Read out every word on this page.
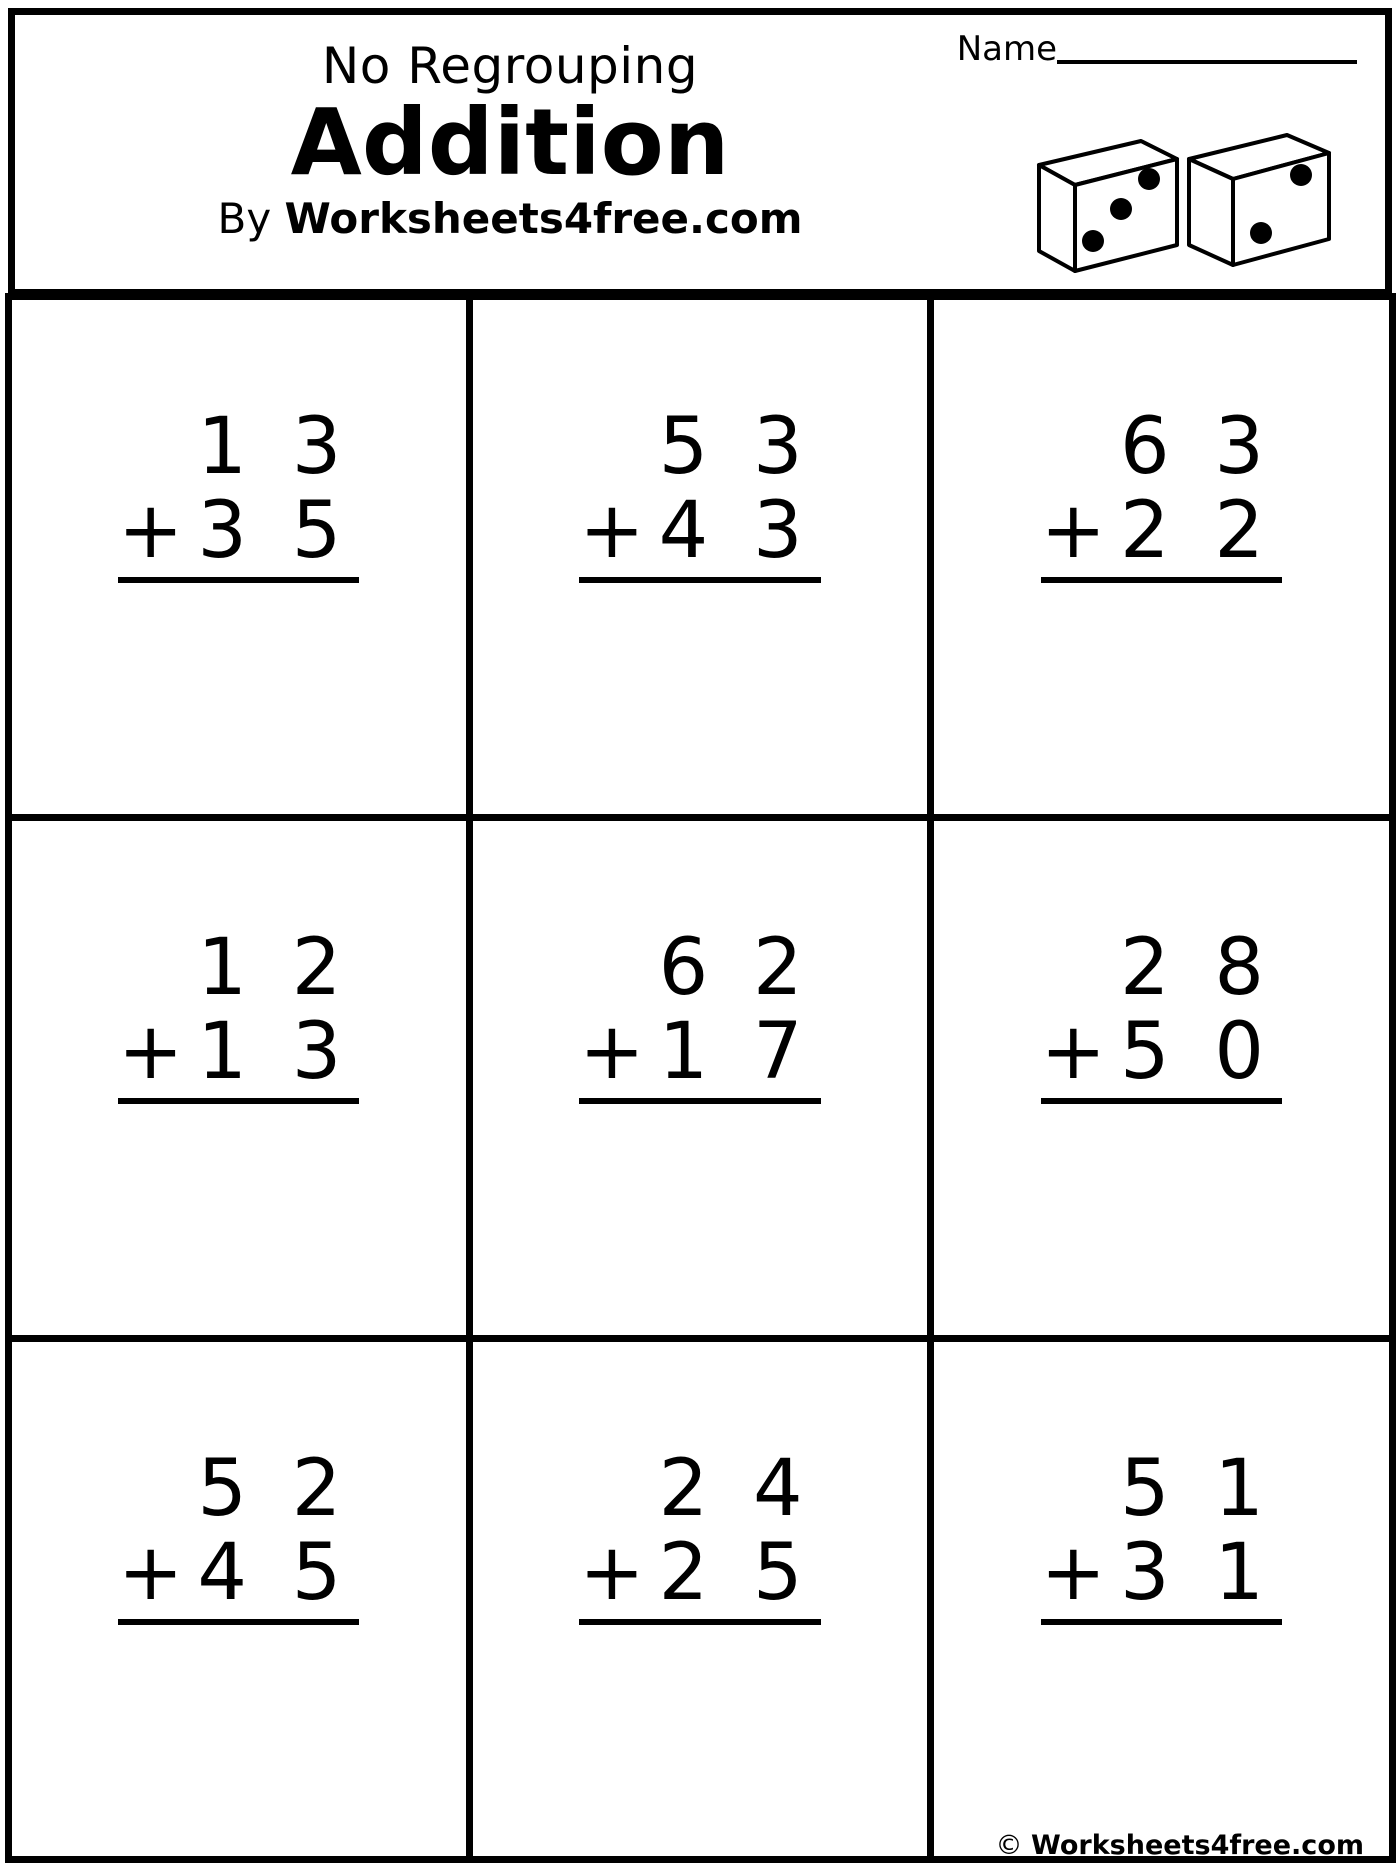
Name
No Regrouping
Addition
By Worksheets4free.com
1 3
+3 5
5 3
+4 3
6 3
+2 2
1 2
+1 3
6 2
+1 7
2 8
+5 0
5 2
+4 5
2 4
+2 5
5 1
+3 1
© Worksheets4free.com
